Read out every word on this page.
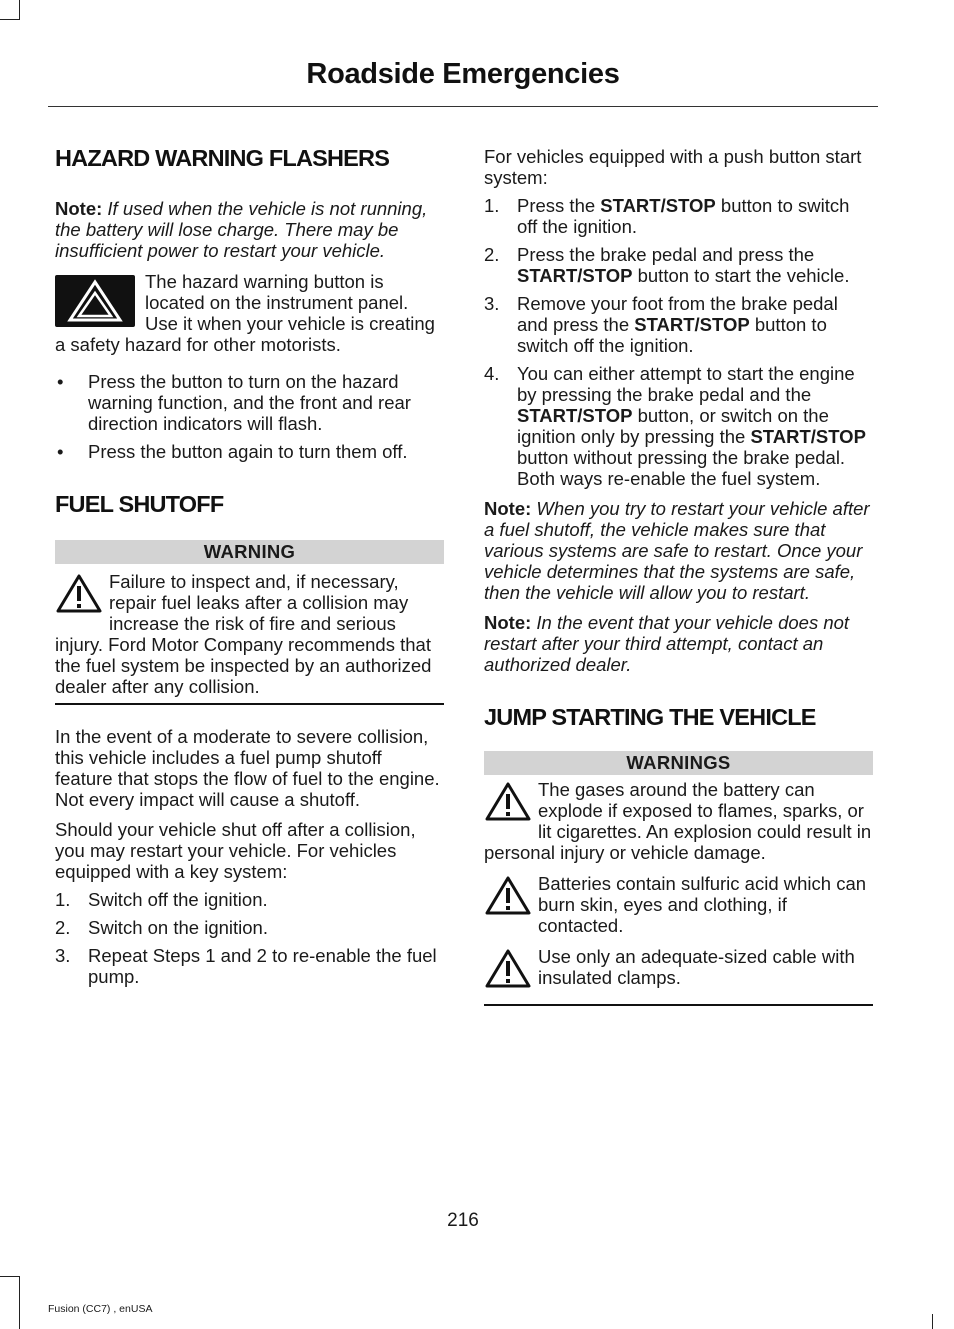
Roadside Emergencies
HAZARD WARNING FLASHERS

Note: If used when the vehicle is not running, the battery will lose charge. There may be insufficient power to restart your vehicle.

The hazard warning button is located on the instrument panel. Use it when your vehicle is creating a safety hazard for other motorists.

• Press the button to turn on the hazard warning function, and the front and rear direction indicators will flash.
• Press the button again to turn them off.
FUEL SHUTOFF
WARNING

Failure to inspect and, if necessary, repair fuel leaks after a collision may increase the risk of fire and serious injury. Ford Motor Company recommends that the fuel system be inspected by an authorized dealer after any collision.

In the event of a moderate to severe collision, this vehicle includes a fuel pump shutoff feature that stops the flow of fuel to the engine. Not every impact will cause a shutoff.

Should your vehicle shut off after a collision, you may restart your vehicle. For vehicles equipped with a key system:

1. Switch off the ignition.
2. Switch on the ignition.
3. Repeat Steps 1 and 2 to re-enable the fuel pump.

For vehicles equipped with a push button start system:

1. Press the START/STOP button to switch off the ignition.
2. Press the brake pedal and press the START/STOP button to start the vehicle.
3. Remove your foot from the brake pedal and press the START/STOP button to switch off the ignition.
4. You can either attempt to start the engine by pressing the brake pedal and the START/STOP button, or switch on the ignition only by pressing the START/STOP button without pressing the brake pedal. Both ways re-enable the fuel system.

Note: When you try to restart your vehicle after a fuel shutoff, the vehicle makes sure that various systems are safe to restart. Once your vehicle determines that the systems are safe, then the vehicle will allow you to restart.

Note: In the event that your vehicle does not restart after your third attempt, contact an authorized dealer.

JUMP STARTING THE VEHICLE
WARNINGS

The gases around the battery can explode if exposed to flames, sparks, or lit cigarettes. An explosion could result in personal injury or vehicle damage.

Batteries contain sulfuric acid which can burn skin, eyes and clothing, if contacted.

Use only an adequate-sized cable with insulated clamps.

216
Fusion (CC7) , enUSA
